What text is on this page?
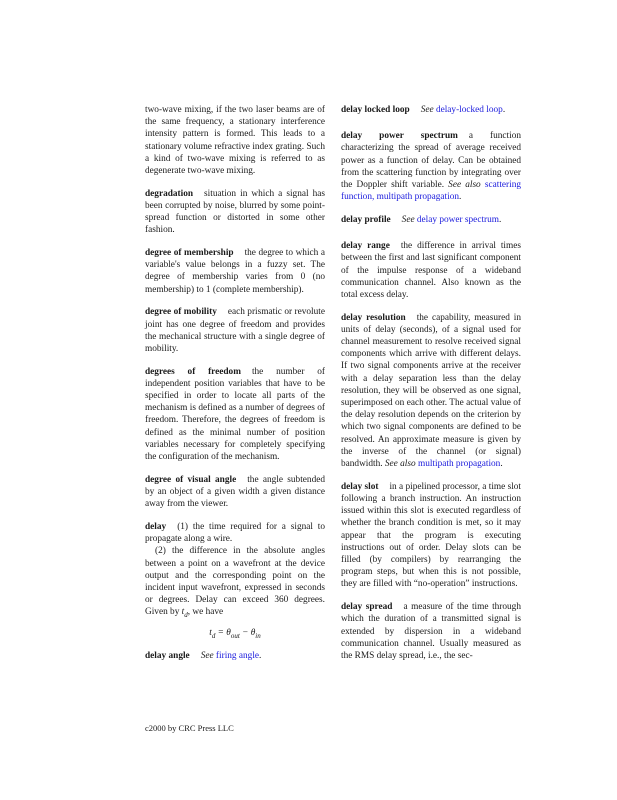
two-wave mixing, if the two laser beams are of the same frequency, a stationary interference intensity pattern is formed. This leads to a stationary volume refractive index grating. Such a kind of two-wave mixing is referred to as degenerate two-wave mixing.

degradation situation in which a signal has been corrupted by noise, blurred by some point-spread function or distorted in some other fashion.

degree of membership the degree to which a variable's value belongs in a fuzzy set. The degree of membership varies from 0 (no membership) to 1 (complete membership).

degree of mobility each prismatic or revolute joint has one degree of freedom and provides the mechanical structure with a single degree of mobility.

degrees of freedom the number of independent position variables that have to be specified in order to locate all parts of the mechanism is defined as a number of degrees of freedom. Therefore, the degrees of freedom is defined as the minimal number of position variables necessary for completely specifying the configuration of the mechanism.

degree of visual angle the angle subtended by an object of a given width a given distance away from the viewer.

delay (1) the time required for a signal to propagate along a wire.
(2) the difference in the absolute angles between a point on a wavefront at the device output and the corresponding point on the incident input wavefront, expressed in seconds or degrees. Delay can exceed 360 degrees. Given by $t_d$, we have
$t_d = \theta_{out} - \theta_{in}$

delay angle See firing angle.

delay locked loop See delay-locked loop.

delay power spectrum a function characterizing the spread of average received power as a function of delay. Can be obtained from the scattering function by integrating over the Doppler shift variable. See also scattering function, multipath propagation.

delay profile See delay power spectrum.

delay range the difference in arrival times between the first and last significant component of the impulse response of a wideband communication channel. Also known as the total excess delay.

delay resolution the capability, measured in units of delay (seconds), of a signal used for channel measurement to resolve received signal components which arrive with different delays. If two signal components arrive at the receiver with a delay separation less than the delay resolution, they will be observed as one signal, superimposed on each other. The actual value of the delay resolution depends on the criterion by which two signal components are defined to be resolved. An approximate measure is given by the inverse of the channel (or signal) bandwidth. See also multipath propagation.

delay slot in a pipelined processor, a time slot following a branch instruction. An instruction issued within this slot is executed regardless of whether the branch condition is met, so it may appear that the program is executing instructions out of order. Delay slots can be filled (by compilers) by rearranging the program steps, but when this is not possible, they are filled with “no-operation” instructions.

delay spread a measure of the time through which the duration of a transmitted signal is extended by dispersion in a wideband communication channel. Usually measured as the RMS delay spread, i.e., the sec-

c2000 by CRC Press LLC
